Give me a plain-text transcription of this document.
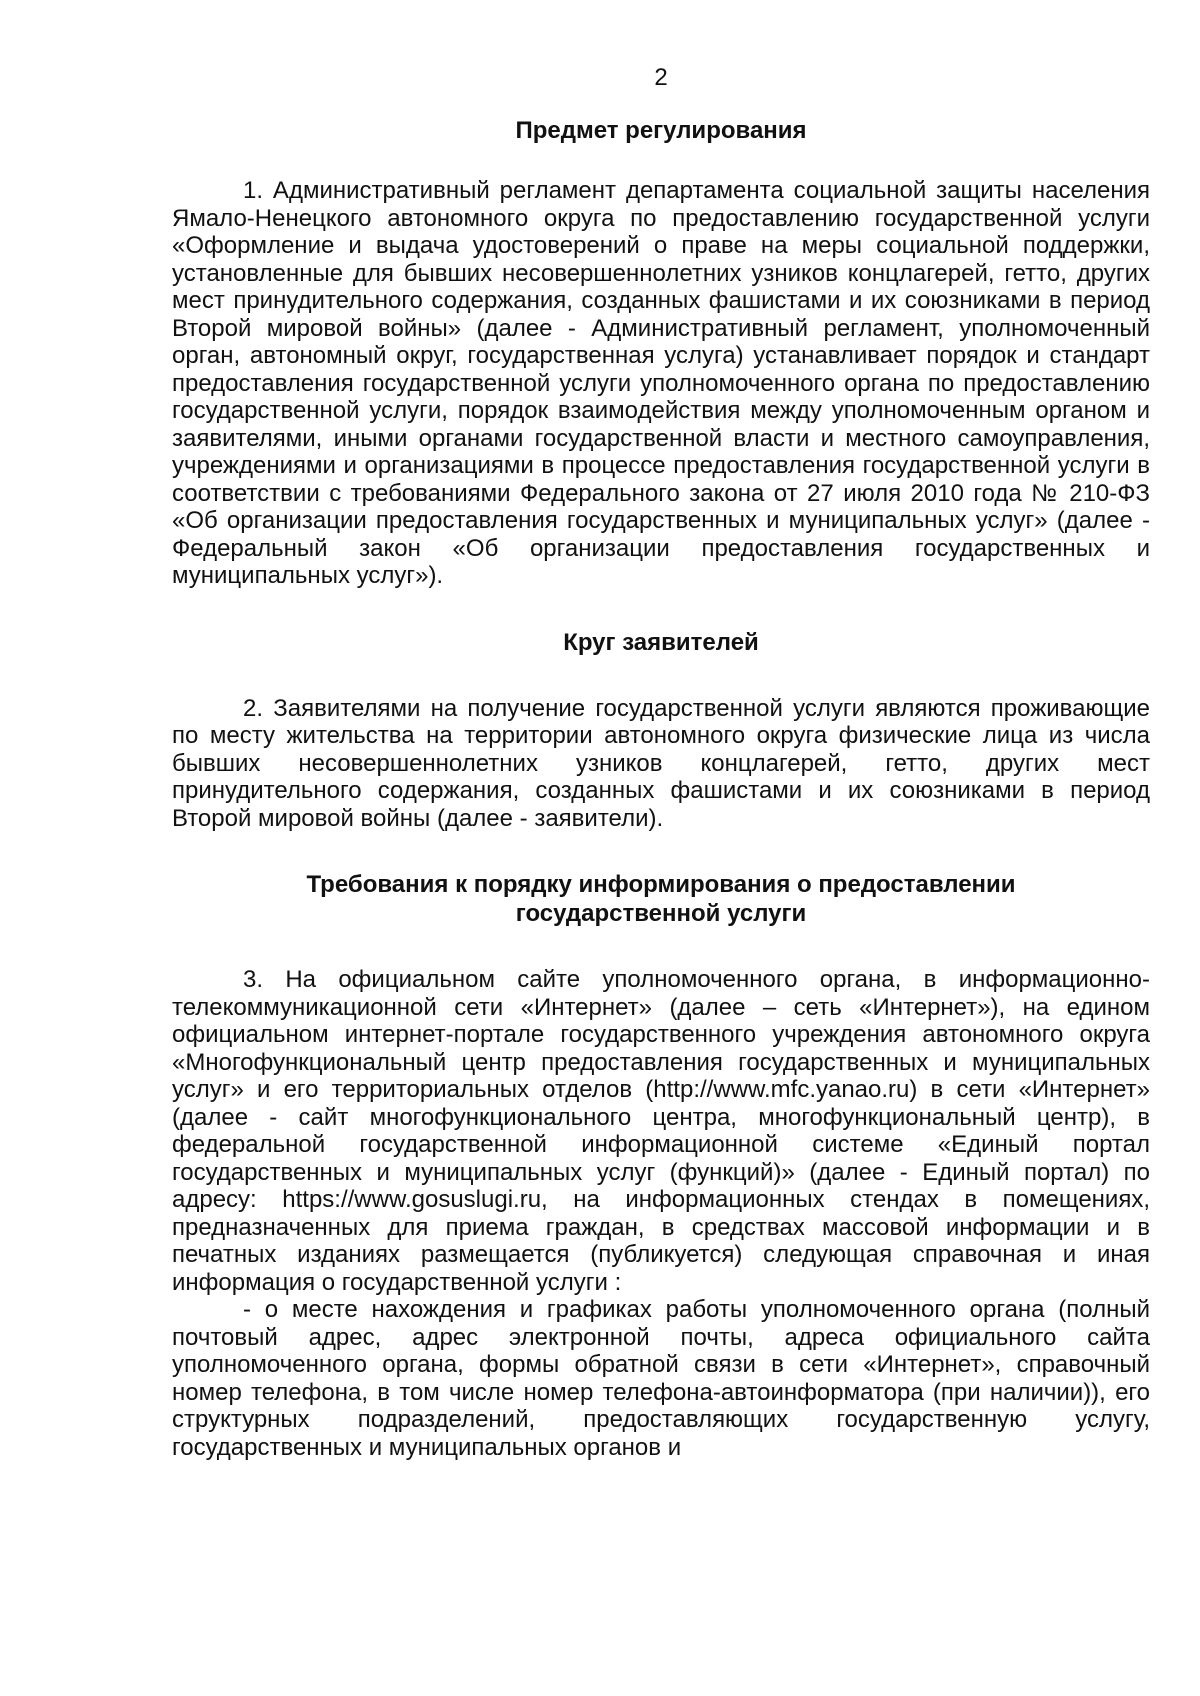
2
Предмет регулирования

1. Административный регламент департамента социальной защиты населения Ямало-Ненецкого автономного округа по предоставлению государственной услуги «Оформление и выдача удостоверений о праве на меры социальной поддержки, установленные для бывших несовершеннолетних узников концлагерей, гетто, других мест принудительного содержания, созданных фашистами и их союзниками в период Второй мировой войны» (далее - Административный регламент, уполномоченный орган, автономный округ, государственная услуга) устанавливает порядок и стандарт предоставления государственной услуги уполномоченного органа по предоставлению государственной услуги, порядок взаимодействия между уполномоченным органом и заявителями, иными органами государственной власти и местного самоуправления, учреждениями и организациями в процессе предоставления государственной услуги в соответствии с требованиями Федерального закона от 27 июля 2010 года № 210-ФЗ «Об организации предоставления государственных и муниципальных услуг» (далее - Федеральный закон «Об организации предоставления государственных и муниципальных услуг»).

Круг заявителей

2. Заявителями на получение государственной услуги являются проживающие по месту жительства на территории автономного округа физические лица из числа бывших несовершеннолетних узников концлагерей, гетто, других мест принудительного содержания, созданных фашистами и их союзниками в период Второй мировой войны (далее - заявители).

Требования к порядку информирования о предоставлении
государственной услуги

3. На официальном сайте уполномоченного органа, в информационно-телекоммуникационной сети «Интернет» (далее – сеть «Интернет»), на едином официальном интернет-портале государственного учреждения автономного округа «Многофункциональный центр предоставления государственных и муниципальных услуг» и его территориальных отделов (http://www.mfc.yanao.ru) в сети «Интернет» (далее - сайт многофункционального центра, многофункциональный центр), в федеральной государственной информационной системе «Единый портал государственных и муниципальных услуг (функций)» (далее - Единый портал) по адресу: https://www.gosuslugi.ru, на информационных стендах в помещениях, предназначенных для приема граждан, в средствах массовой информации и в печатных изданиях размещается (публикуется) следующая справочная и иная информация о государственной услуги :

- о месте нахождения и графиках работы уполномоченного органа (полный почтовый адрес, адрес электронной почты, адреса официального сайта уполномоченного органа, формы обратной связи в сети «Интернет», справочный номер телефона, в том числе номер телефона-автоинформатора (при наличии)), его структурных подразделений, предоставляющих государственную услугу, государственных и муниципальных органов и
